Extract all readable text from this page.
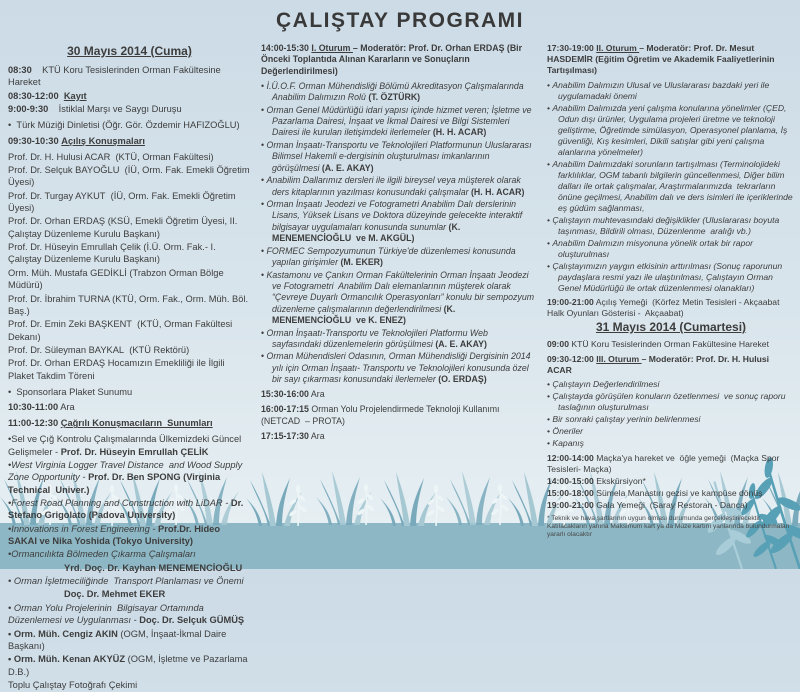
ÇALIŞTAY PROGRAMI
30 Mayıs 2014 (Cuma)
08:30    KTÜ Koru Tesislerinden Orman Fakültesine Hareket
08:30-12:00  Kayıt
9:00-9:30    İstiklal Marşı ve Saygı Duruşu
•  Türk Müziği Dinletisi (Öğr. Gör. Özdemir HAFIZOĞLU)
09:30-10:30 Açılış Konuşmaları
Prof. Dr. H. Hulusi ACAR  (KTÜ, Orman Fakültesi)
Prof. Dr. Selçuk BAYOĞLU  (İÜ, Orm. Fak. Emekli Öğretim Üyesi)
Prof. Dr. Turgay AYKUT  (İÜ, Orm. Fak. Emekli Öğretim Üyesi)
Prof. Dr. Orhan ERDAŞ (KSÜ, Emekli Öğretim Üyesi, II. Çalıştay Düzenleme Kurulu Başkanı)
Prof. Dr. Hüseyin Emrullah Çelik (İ.Ü. Orm. Fak.- I. Çalıştay Düzenleme Kurulu Başkanı)
Orm. Müh. Mustafa GEDİKLİ (Trabzon Orman Bölge Müdürü)
Prof. Dr. İbrahim TURNA (KTÜ, Orm. Fak., Orm. Müh. Böl. Baş.)
Prof. Dr. Emin Zeki BAŞKENT  (KTÜ, Orman Fakültesi Dekanı)
Prof. Dr. Süleyman BAYKAL  (KTÜ Rektörü)
Prof. Dr. Orhan ERDAŞ Hocamızın Emekliliği ile İlgili Plaket Takdim Töreni
•  Sponsorlara Plaket Sunumu
10:30-11:00 Ara
11:00-12:30 Çağrılı Konuşmacıların  Sunumları
•Sel ve Çığ Kontrolu Çalışmalarında Ülkemizdeki Güncel Gelişmeler - Prof. Dr. Hüseyin Emrullah ÇELİK
•West Virginia Logger Travel Distance  and Wood Supply Zone Opportunity - Prof. Dr. Ben SPONG (Virginia Technical  Univer.)
•Forest Road Planning and Construction with LiDAR - Dr. Stefano Grigolato (Padova University)
•Innovations in Forest Engineering - Prof.Dr. Hideo SAKAI ve Nika Yoshida (Tokyo University)
•Ormancılıkta Bölmeden Çıkarma Çalışmaları
Yrd. Doç. Dr. Kayhan MENEMENCİOĞLU
• Orman İşletmeciliğinde  Transport Planlaması ve Önemi
Doç. Dr. Mehmet EKER
• Orman Yolu Projelerinin  Bilgisayar Ortamında Düzenlemesi ve Uygulanması - Doç. Dr. Selçuk GÜMÜŞ
• Orm. Müh. Cengiz AKIN (OGM, İnşaat-İkmal Daire Başkanı)
• Orm. Müh. Kenan AKYÜZ (OGM, İşletme ve Pazarlama D.B.)
Toplu Çalıştay Fotoğrafı Çekimi
14:00-15:30 I. Oturum – Moderatör: Prof. Dr. Orhan ERDAŞ (Bir Önceki Toplantıda Alınan Kararların ve Sonuçların Değerlendirilmesi)
• İ.Ü.O.F. Orman Mühendisliği Bölümü Akreditasyon Çalışmalarında Anabilim Dalımızın Rolü (T. ÖZTÜRK)
• Orman Genel Müdürlüğü idari yapısı içinde hizmet veren; İşletme ve Pazarlama Dairesi, İnşaat ve İkmal Dairesi ve Bilgi Sistemleri Dairesi ile kurulan iletişimdeki ilerlemeler (H. H. ACAR)
• Orman İnşaatı-Transportu ve Teknolojileri Platformunun Uluslararası Bilimsel Hakemli e-dergisinin oluşturulması imkanlarının görüşülmesi (A. E. AKAY)
• Anabilim Dallarımız dersleri ile ilgili bireysel veya müşterek olarak ders kitaplarının yazılması konusundaki çalışmalar (H. H. ACAR)
• Orman İnşaatı Jeodezi ve Fotogrametri Anabilim Dalı derslerinin Lisans, Yüksek Lisans ve Doktora düzeyinde gelecekte interaktif bilgisayar uygulamaları konusunda sunumlar (K. MENEMENCİOĞLU  ve M. AKGÜL)
• FORMEC Sempozyumunun Türkiye'de düzenlemesi konusunda yapılan girişimler (M. EKER)
• Kastamonu ve Çankırı Orman Fakültelerinin Orman İnşaatı Jeodezi ve Fotogrametri  Anabilim Dalı elemanlarının müşterek olarak “Çevreye Duyarlı Ormancılık Operasyonları” konulu bir sempozyum düzenleme çalışmalarının değerlendirilmesi (K. MENEMENCİOĞLU  ve K. ENEZ)
• Orman İnşaatı-Transportu ve Teknolojileri Platformu Web sayfasındaki düzenlemelerin görüşülmesi (A. E. AKAY)
• Orman Mühendisleri Odasının, Orman Mühendisliği Dergisinin 2014 yılı için Orman İnşaatı- Transportu ve Teknolojileri konusunda özel bir sayı çıkarması konusundaki ilerlemeler (O. ERDAŞ)
15:30-16:00 Ara
16:00-17:15 Orman Yolu Projelendirmede Teknoloji Kullanımı (NETCAD  – PROTA)
17:15-17:30 Ara
17:30-19:00 II. Oturum – Moderatör: Prof. Dr. Mesut HASDEMİR (Eğitim Öğretim ve Akademik Faaliyetlerinin  Tartışılması)
• Anabilim Dalımızın Ulusal ve Uluslararası bazdaki yeri ile uygulamadaki önemi
• Anabilim Dalımızda yeni çalışma konularına yönelimler (ÇED, Odun dışı ürünler, Uygulama projeleri üretme ve teknoloji geliştirme, Öğretimde simülasyon, Operasyonel planlama, İş güvenliği, Kış kesimleri, Dikili satışlar gibi yeni çalışma alanlarına yönelmeler)
• Anabilim Dalımızdaki sorunların tartışılması (Terminolojideki farklılıklar, OGM tabanlı bilgilerin güncellenmesi, Diğer bilim dalları ile ortak çalışmalar, Araştırmalarımızda  tekrarların önüne geçilmesi, Anabilim dalı ve ders isimleri ile içeriklerinde eş güdüm sağlanması,
• Çalıştayın muhtevasındaki değişiklikler (Uluslararası boyuta taşınması, Bildirili olması, Düzenlenme  aralığı vb.)
• Anabilim Dalımızın misyonuna yönelik ortak bir rapor oluşturulması
• Çalıştayımızın yaygın etkisinin arttırılması (Sonuç raporunun paydaşlara resmi yazı ile ulaştırılması, Çalıştayın Orman Genel Müdürlüğü ile ortak düzenlenmesi olanakları)
19:00-21:00 Açılış Yemeği  (Körfez Metin Tesisleri - Akçaabat Halk Oyunları Gösterisi -  Akçaabat)
31 Mayıs 2014 (Cumartesi)
09:00 KTÜ Koru Tesislerinden Orman Fakültesine Hareket
09:30-12:00 III. Oturum – Moderatör: Prof. Dr. H. Hulusi  ACAR
• Çalıştayın Değerlendirilmesi
• Çalıştayda görüşülen konuların özetlenmesi  ve sonuç raporu taslağının oluşturulması
• Bir sonraki çalıştay yerinin belirlenmesi
• Öneriler
• Kapanış
12:00-14:00 Maçka'ya hareket ve  öğle yemeği  (Maçka Spor Tesisleri- Maçka)
14:00-15:00 Ekskürsiyon*
15:00-18:00 Sümela Manastırı gezisi ve kampüse dönüş
19:00-21:00 Gala Yemeği  (Saray Restoran - Danca)
* Teknik ve hava şartlarının uygun olması durumunda gerçekleştirilecektir. Katılacakların yanına Maksimum kart ya da Müze kartını yanlarında bulundurmaları yararlı olacaktır
